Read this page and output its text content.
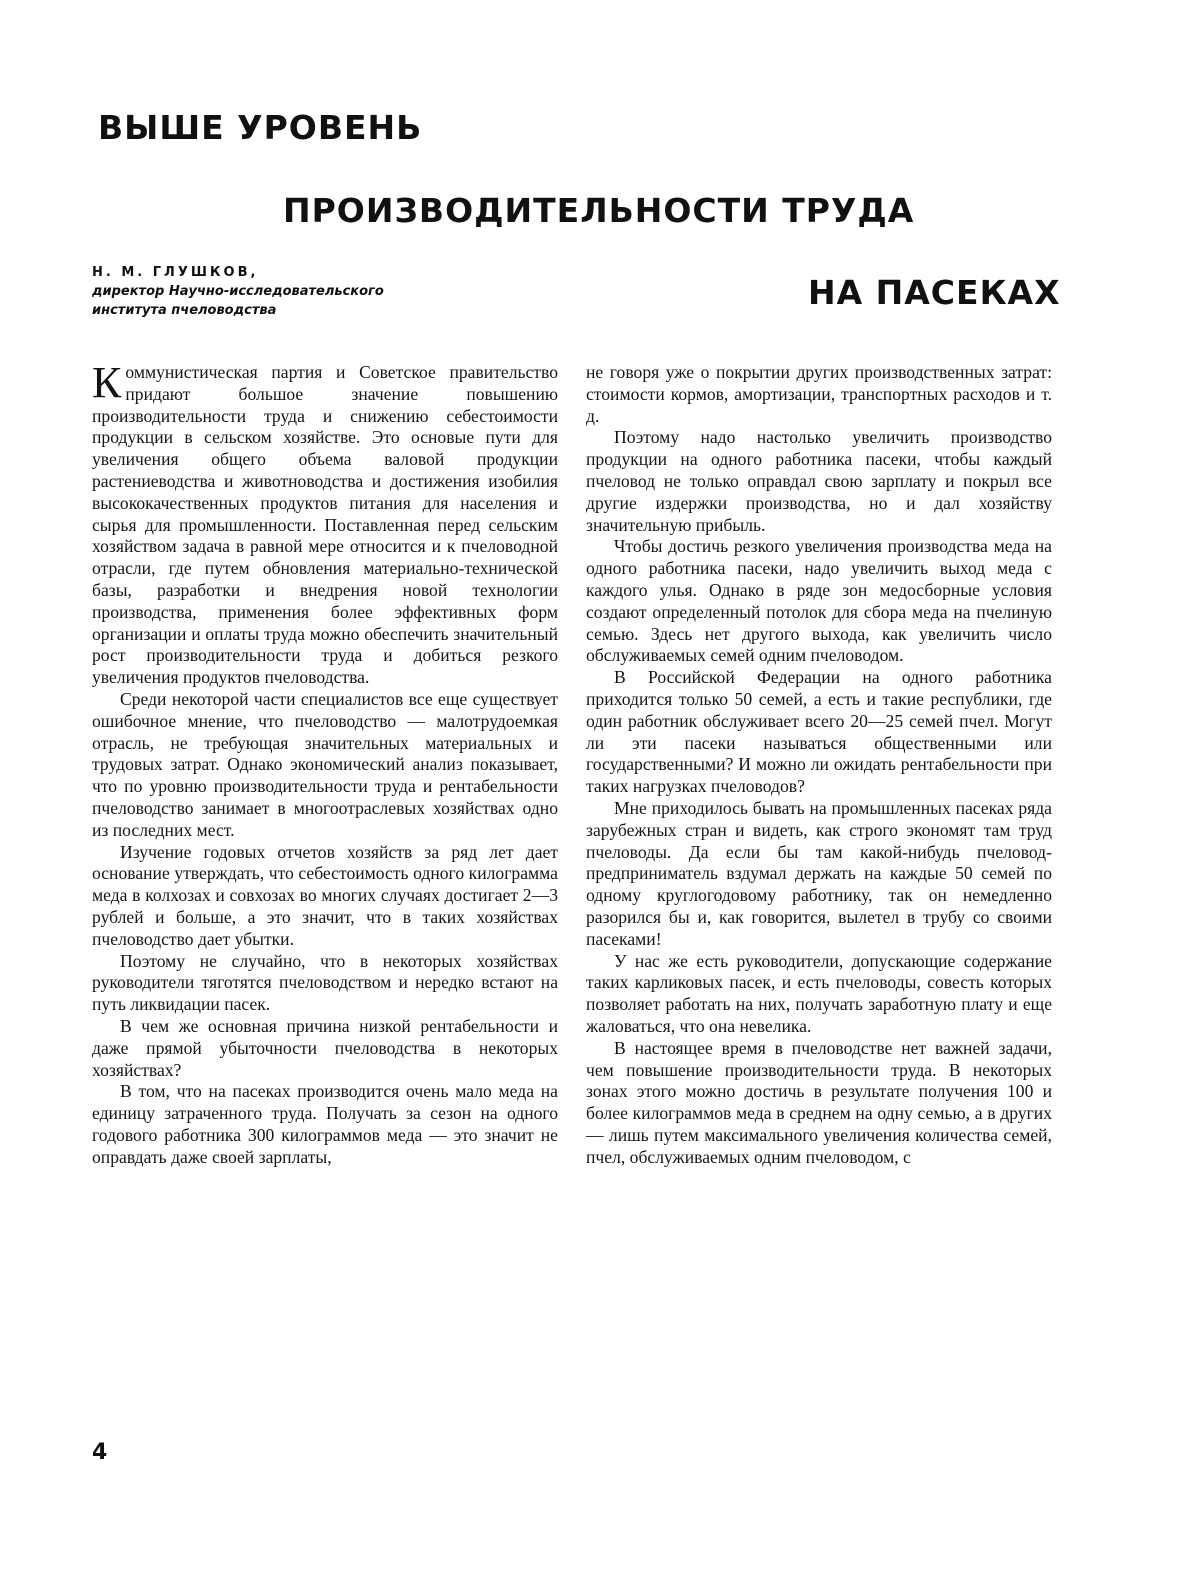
ВЫШЕ УРОВЕНЬ
ПРОИЗВОДИТЕЛЬНОСТИ ТРУДА
НА ПАСЕКАХ
Н. М. ГЛУШКОВ,
директор Научно-исследовательского
института пчеловодства

Коммунистическая партия и Советское правительство придают большое значение повышению производительности труда и снижению себестоимости продукции в сельском хозяйстве. Это основые пути для увеличения общего объема валовой продукции растениеводства и животноводства и достижения изобилия высококачественных продуктов питания для населения и сырья для промышленности. Поставленная перед сельским хозяйством задача в равной мере относится и к пчеловодной отрасли, где путем обновления материально-технической базы, разработки и внедрения новой технологии производства, применения более эффективных форм организации и оплаты труда можно обеспечить значительный рост производительности труда и добиться резкого увеличения продуктов пчеловодства.

Среди некоторой части специалистов все еще существует ошибочное мнение, что пчеловодство — малотрудоемкая отрасль, не требующая значительных материальных и трудовых затрат. Однако экономический анализ показывает, что по уровню производительности труда и рентабельности пчеловодство занимает в многоотраслевых хозяйствах одно из последних мест.

Изучение годовых отчетов хозяйств за ряд лет дает основание утверждать, что себестоимость одного килограмма меда в колхозах и совхозах во многих случаях достигает 2—3 рублей и больше, а это значит, что в таких хозяйствах пчеловодство дает убытки.

Поэтому не случайно, что в некоторых хозяйствах руководители тяготятся пчеловодством и нередко встают на путь ликвидации пасек.

В чем же основная причина низкой рентабельности и даже прямой убыточности пчеловодства в некоторых хозяйствах?

В том, что на пасеках производится очень мало меда на единицу затраченного труда. Получать за сезон на одного годового работника 300 килограммов меда — это значит не оправдать даже своей зарплаты,

не говоря уже о покрытии других производственных затрат: стоимости кормов, амортизации, транспортных расходов и т. д.

Поэтому надо настолько увеличить производство продукции на одного работника пасеки, чтобы каждый пчеловод не только оправдал свою зарплату и покрыл все другие издержки производства, но и дал хозяйству значительную прибыль.

Чтобы достичь резкого увеличения производства меда на одного работника пасеки, надо увеличить выход меда с каждого улья. Однако в ряде зон медосборные условия создают определенный потолок для сбора меда на пчелиную семью. Здесь нет другого выхода, как увеличить число обслуживаемых семей одним пчеловодом.

В Российской Федерации на одного работника приходится только 50 семей, а есть и такие республики, где один работник обслуживает всего 20—25 семей пчел. Могут ли эти пасеки называться общественными или государственными? И можно ли ожидать рентабельности при таких нагрузках пчеловодов?

Мне приходилось бывать на промышленных пасеках ряда зарубежных стран и видеть, как строго экономят там труд пчеловоды. Да если бы там какой-нибудь пчеловод-предприниматель вздумал держать на каждые 50 семей по одному круглогодовому работнику, так он немедленно разорился бы и, как говорится, вылетел в трубу со своими пасеками!

У нас же есть руководители, допускающие содержание таких карликовых пасек, и есть пчеловоды, совесть которых позволяет работать на них, получать заработную плату и еще жаловаться, что она невелика.

В настоящее время в пчеловодстве нет важней задачи, чем повышение производительности труда. В некоторых зонах этого можно достичь в результате получения 100 и более килограммов меда в среднем на одну семью, а в других — лишь путем максимального увеличения количества семей, пчел, обслуживаемых одним пчеловодом, с

4
